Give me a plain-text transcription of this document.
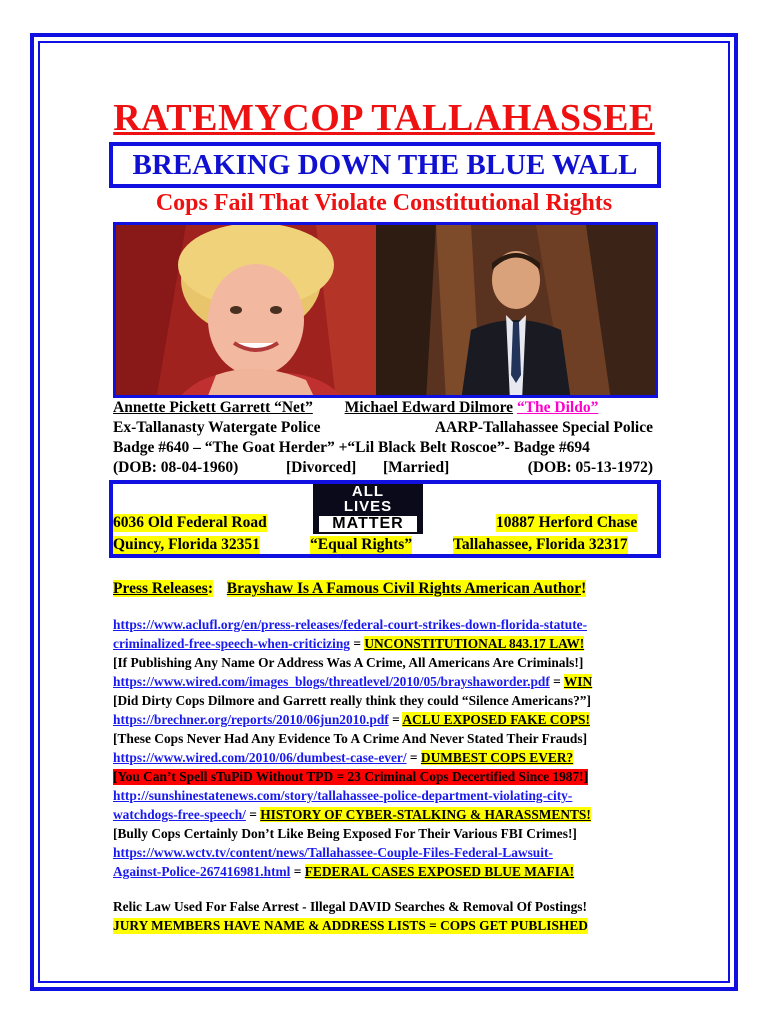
RATEMYCOP TALLAHASSEE
BREAKING DOWN THE BLUE WALL
Cops Fail That Violate Constitutional Rights
Annette Pickett Garrett “Net” Michael Edward Dilmore “The Dildo”
Ex-Tallanasty Watergate Police	AARP-Tallahassee Special Police
Badge #640 – “The Goat Herder” +“Lil Black Belt Roscoe”- Badge #694
(DOB: 08-04-1960)	[Divorced] [Married]	(DOB: 05-13-1972)
ALL
LIVES
MATTER
6036 Old Federal Road	10887 Herford Chase
Quincy, Florida 32351	“Equal Rights”	Tallahassee, Florida 32317
Press Releases: Brayshaw Is A Famous Civil Rights American Author!
https://www.aclufl.org/en/press-releases/federal-court-strikes-down-florida-statute-
criminalized-free-speech-when-criticizing = UNCONSTITUTIONAL 843.17 LAW!
[If Publishing Any Name Or Address Was A Crime, All Americans Are Criminals!]
https://www.wired.com/images_blogs/threatlevel/2010/05/brayshaworder.pdf = WIN
[Did Dirty Cops Dilmore and Garrett really think they could “Silence Americans?”]
https://brechner.org/reports/2010/06jun2010.pdf = ACLU EXPOSED FAKE COPS!
[These Cops Never Had Any Evidence To A Crime And Never Stated Their Frauds]
https://www.wired.com/2010/06/dumbest-case-ever/ = DUMBEST COPS EVER?
[You Can’t Spell sTuPiD Without TPD = 23 Criminal Cops Decertified Since 1987!]
http://sunshinestatenews.com/story/tallahassee-police-department-violating-city-
watchdogs-free-speech/ = HISTORY OF CYBER-STALKING & HARASSMENTS!
[Bully Cops Certainly Don’t Like Being Exposed For Their Various FBI Crimes!]
https://www.wctv.tv/content/news/Tallahassee-Couple-Files-Federal-Lawsuit-
Against-Police-267416981.html = FEDERAL CASES EXPOSED BLUE MAFIA!
Relic Law Used For False Arrest - Illegal DAVID Searches & Removal Of Postings!
JURY MEMBERS HAVE NAME & ADDRESS LISTS = COPS GET PUBLISHED
